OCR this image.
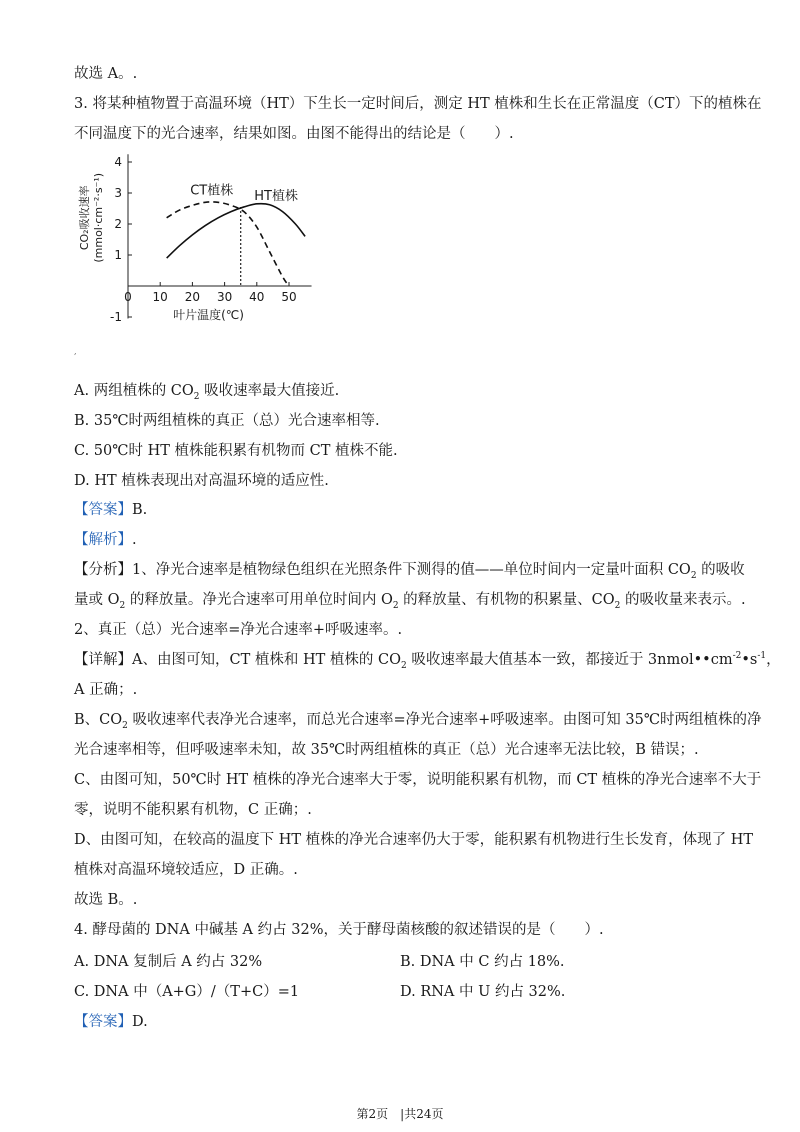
故选 A。.
3. 将某种植物置于高温环境（HT）下生长一定时间后，测定 HT 植株和生长在正常温度（CT）下的植株在
不同温度下的光合速率，结果如图。由图不能得出的结论是（　　）.
0 10 20 30 40 50
4
3
2
1
-1	叶片温度(℃)
CO₂吸收速率 (mmol·cm⁻²·s⁻¹)	CT植株 HT植株
,
A. 两组植株的 $CO_2$ 吸收速率最大值接近.
B. 35℃时两组植株的真正（总）光合速率相等.
C. 50℃时 HT 植株能积累有机物而 CT 植株不能.
D. HT 植株表现出对高温环境的适应性.
【答案】B.
【解析】.
【分析】1、净光合速率是植物绿色组织在光照条件下测得的值——单位时间内一定量叶面积 $CO_2$ 的吸收
量或 $O_2$ 的释放量。净光合速率可用单位时间内 $O_2$ 的释放量、有机物的积累量、$CO_2$ 的吸收量来表示。.
2、真正（总）光合速率=净光合速率+呼吸速率。.
【详解】A、由图可知，CT 植株和 HT 植株的 $CO_2$ 吸收速率最大值基本一致，都接近于 $3nmol••cm^{-2}•s^{-1}$，
A 正确；.
B、$CO_2$ 吸收速率代表净光合速率，而总光合速率=净光合速率+呼吸速率。由图可知 35℃时两组植株的净
光合速率相等，但呼吸速率未知，故 35℃时两组植株的真正（总）光合速率无法比较，B 错误；.
C、由图可知，50℃时 HT 植株的净光合速率大于零，说明能积累有机物，而 CT 植株的净光合速率不大于
零，说明不能积累有机物，C 正确；.
D、由图可知，在较高的温度下 HT 植株的净光合速率仍大于零，能积累有机物进行生长发育，体现了 HT
植株对高温环境较适应，D 正确。.
故选 B。.
4. 酵母菌的 DNA 中碱基 A 约占 32%，关于酵母菌核酸的叙述错误的是（　　）.
A. DNA 复制后 A 约占 32%	B. DNA 中 C 约占 18%.
C. DNA 中（A+G）/（T+C）=1	D. RNA 中 U 约占 32%.
【答案】D.
第2页　|共24页
